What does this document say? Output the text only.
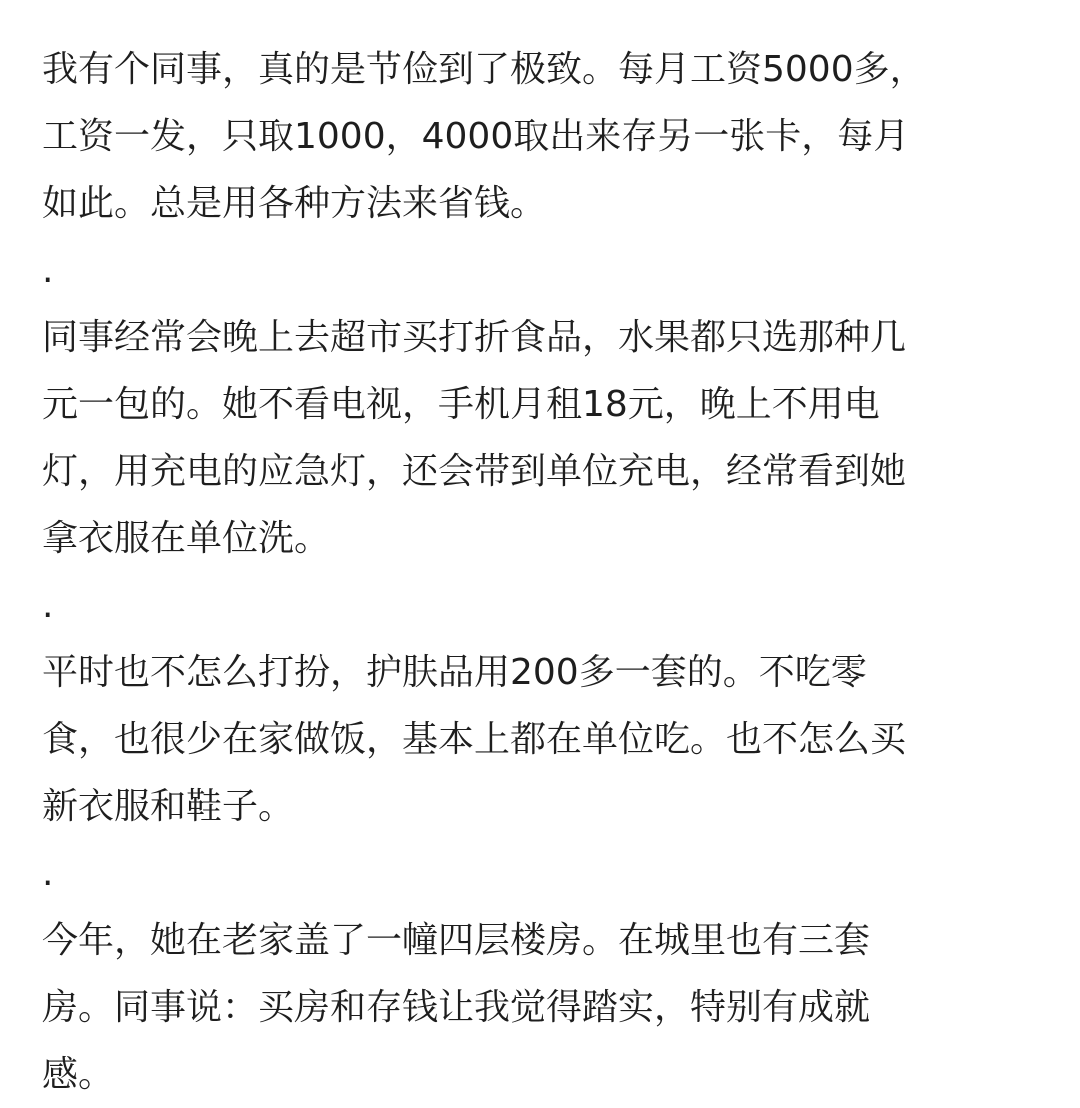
我有个同事，真的是节俭到了极致。每月工资5000多，
工资一发，只取1000，4000取出来存另一张卡，每月
如此。总是用各种方法来省钱。
.
同事经常会晚上去超市买打折食品，水果都只选那种几
元一包的。她不看电视，手机月租18元，晚上不用电
灯，用充电的应急灯，还会带到单位充电，经常看到她
拿衣服在单位洗。
.
平时也不怎么打扮，护肤品用200多一套的。不吃零
食，也很少在家做饭，基本上都在单位吃。也不怎么买
新衣服和鞋子。
.
今年，她在老家盖了一幢四层楼房。在城里也有三套
房。同事说：买房和存钱让我觉得踏实，特别有成就
感。
